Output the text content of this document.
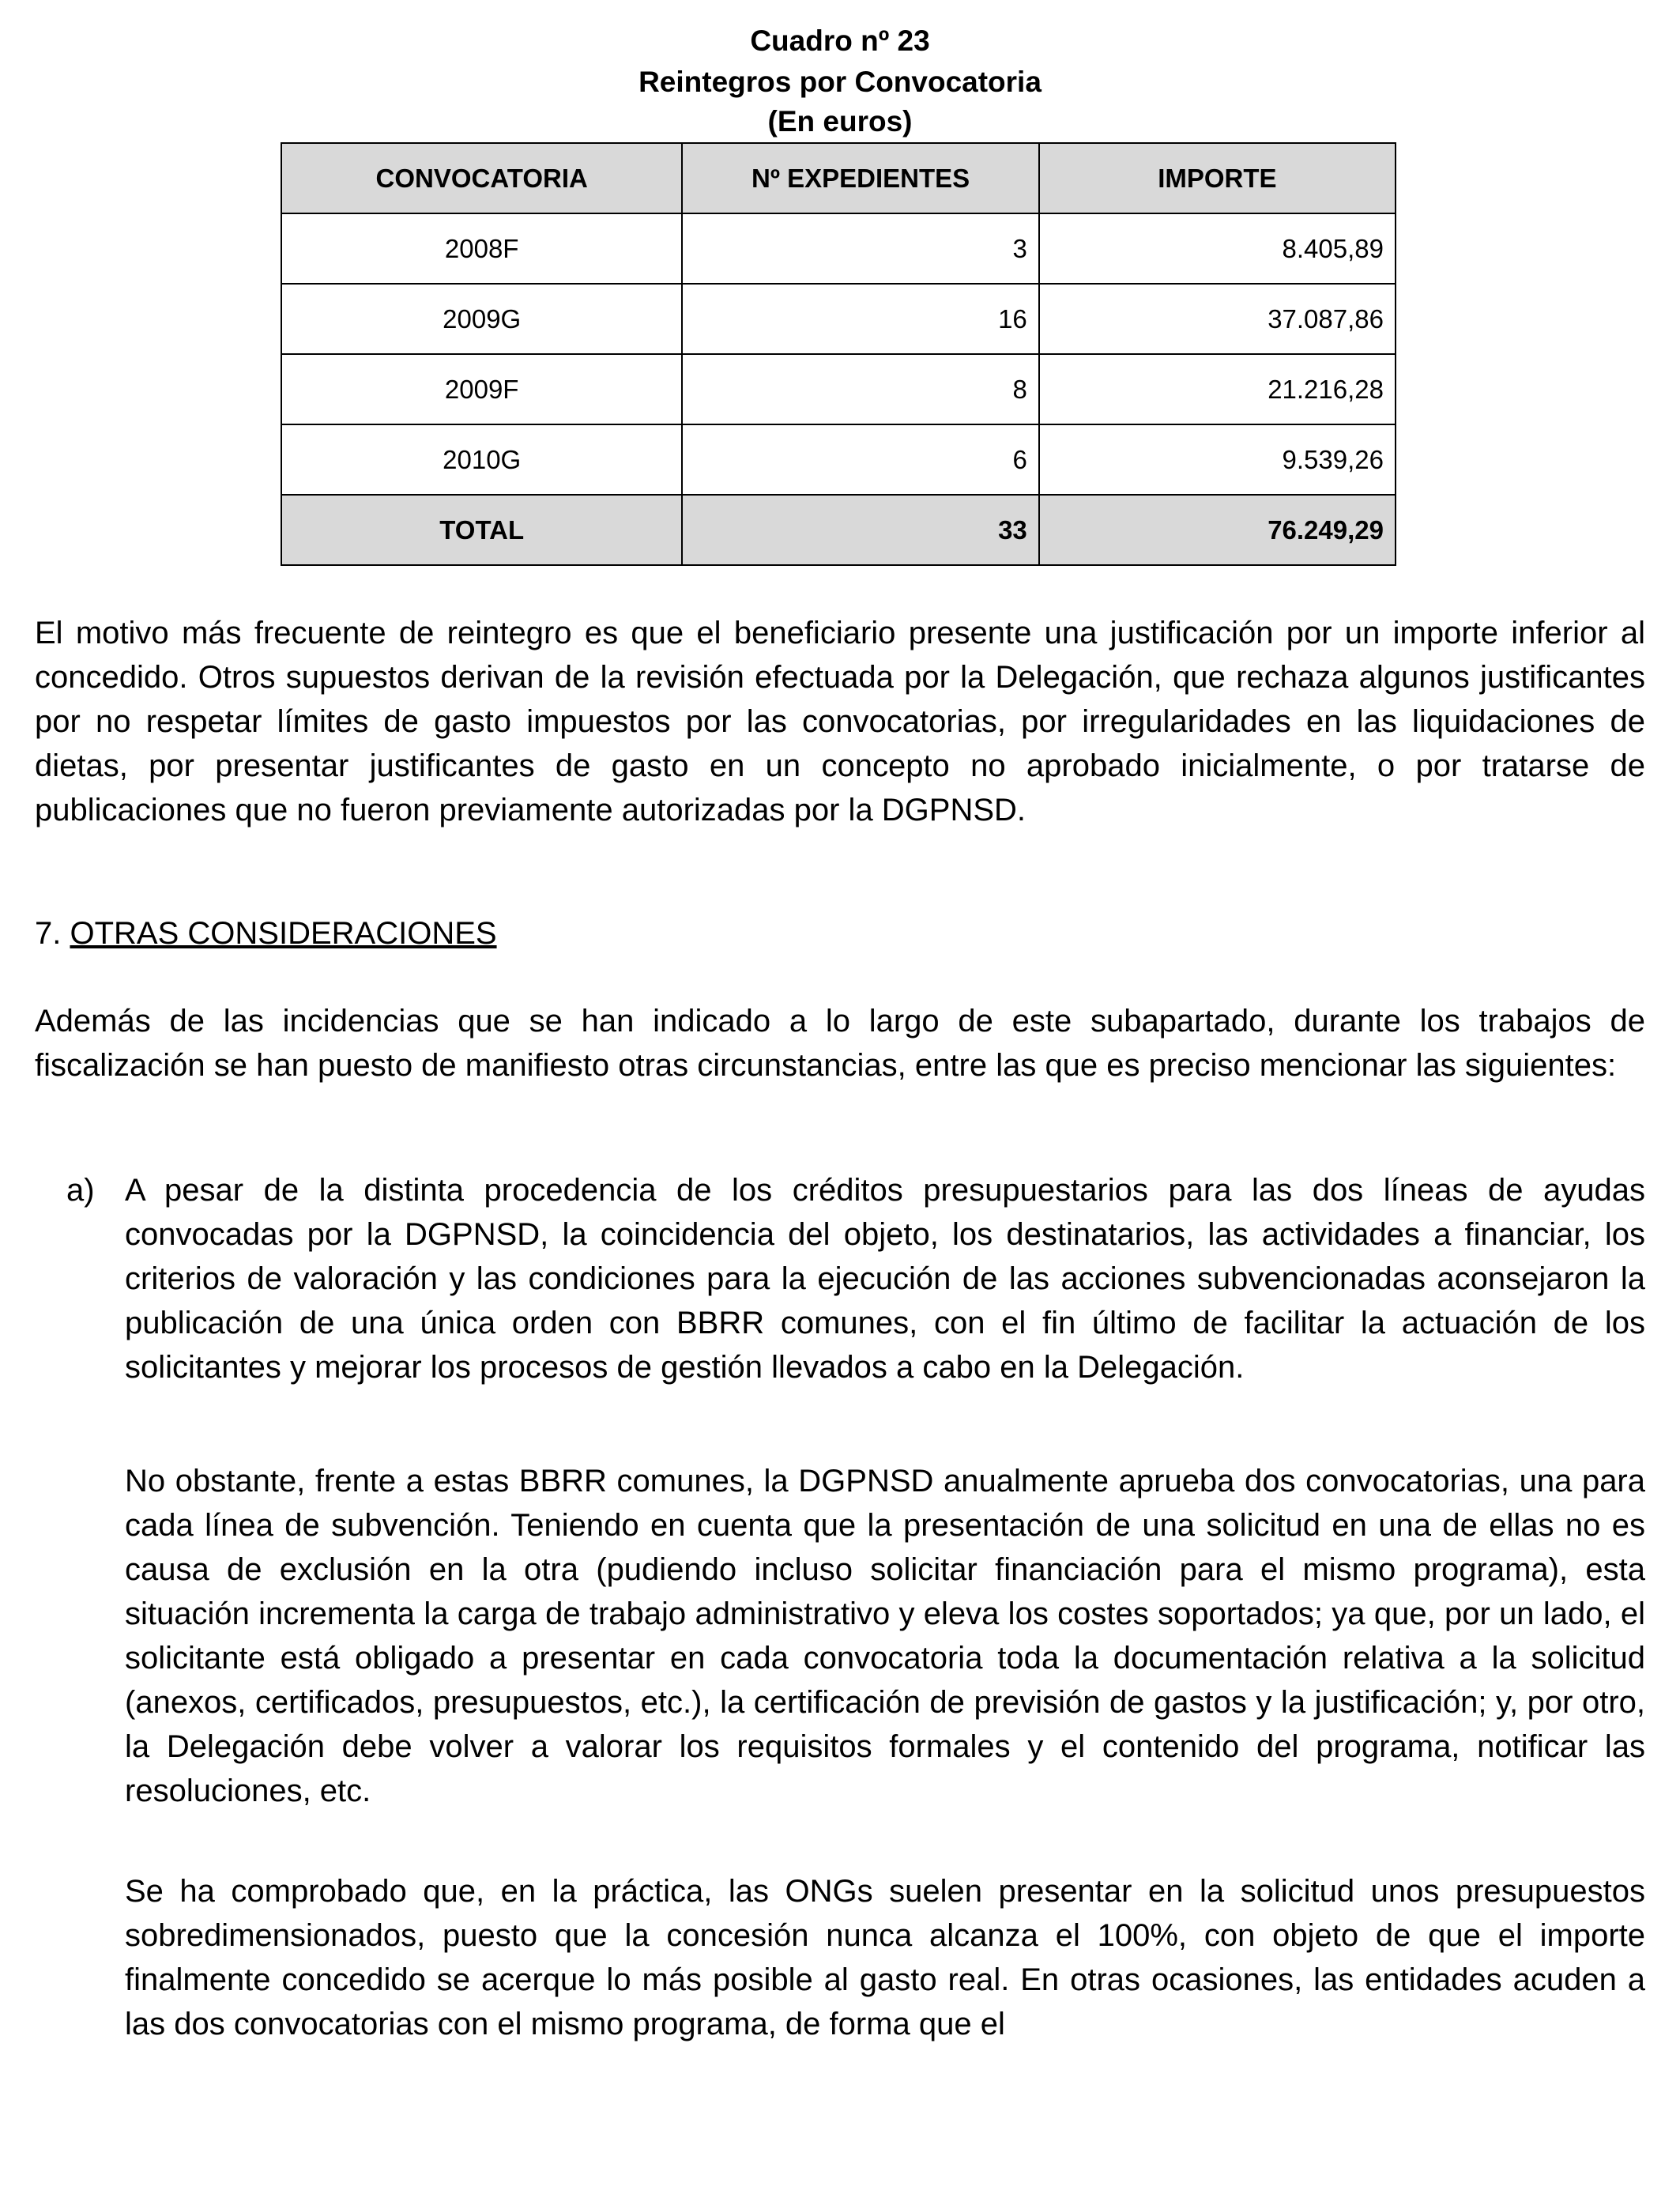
Cuadro nº 23
Reintegros por Convocatoria
(En euros)
CONVOCATORIA	Nº EXPEDIENTES	IMPORTE
2008F	3	8.405,89
2009G	16	37.087,86
2009F	8	21.216,28
2010G	6	9.539,26
TOTAL	33	76.249,29

El motivo más frecuente de reintegro es que el beneficiario presente una justificación por un importe inferior al concedido. Otros supuestos derivan de la revisión efectuada por la Delegación, que rechaza algunos justificantes por no respetar límites de gasto impuestos por las convocatorias, por irregularidades en las liquidaciones de dietas, por presentar justificantes de gasto en un concepto no aprobado inicialmente, o por tratarse de publicaciones que no fueron previamente autorizadas por la DGPNSD.

7. OTRAS CONSIDERACIONES

Además de las incidencias que se han indicado a lo largo de este subapartado, durante los trabajos de fiscalización se han puesto de manifiesto otras circunstancias, entre las que es preciso mencionar las siguientes:

a) A pesar de la distinta procedencia de los créditos presupuestarios para las dos líneas de ayudas convocadas por la DGPNSD, la coincidencia del objeto, los destinatarios, las actividades a financiar, los criterios de valoración y las condiciones para la ejecución de las acciones subvencionadas aconsejaron la publicación de una única orden con BBRR comunes, con el fin último de facilitar la actuación de los solicitantes y mejorar los procesos de gestión llevados a cabo en la Delegación.

No obstante, frente a estas BBRR comunes, la DGPNSD anualmente aprueba dos convocatorias, una para cada línea de subvención. Teniendo en cuenta que la presentación de una solicitud en una de ellas no es causa de exclusión en la otra (pudiendo incluso solicitar financiación para el mismo programa), esta situación incrementa la carga de trabajo administrativo y eleva los costes soportados; ya que, por un lado, el solicitante está obligado a presentar en cada convocatoria toda la documentación relativa a la solicitud (anexos, certificados, presupuestos, etc.), la certificación de previsión de gastos y la justificación; y, por otro, la Delegación debe volver a valorar los requisitos formales y el contenido del programa, notificar las resoluciones, etc.

Se ha comprobado que, en la práctica, las ONGs suelen presentar en la solicitud unos presupuestos sobredimensionados, puesto que la concesión nunca alcanza el 100%, con objeto de que el importe finalmente concedido se acerque lo más posible al gasto real. En otras ocasiones, las entidades acuden a las dos convocatorias con el mismo programa, de forma que el
